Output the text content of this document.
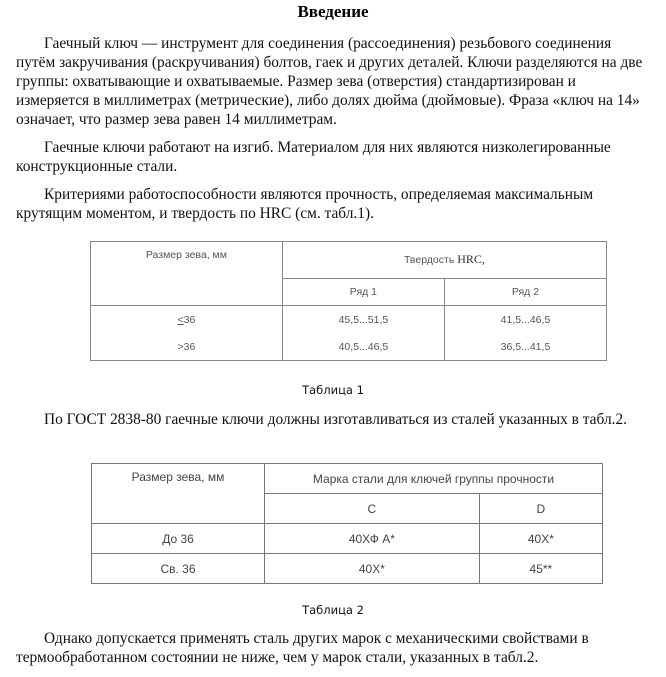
Введение

Гаечный ключ — инструмент для соединения (рассоединения) резьбового соединения путём закручивания (раскручивания) болтов, гаек и других деталей. Ключи разделяются на две группы: охватывающие и охватываемые. Размер зева (отверстия) стандартизирован и измеряется в миллиметрах (метрические), либо долях дюйма (дюймовые). Фраза «ключ на 14» означает, что размер зева равен 14 миллиметрам.

Гаечные ключи работают на изгиб. Материалом для них являются низколегированные конструкционные стали.

Критериями работоспособности являются прочность, определяемая максимальным крутящим моментом, и твердость по HRC (см. табл.1).

Размер зева, мм	Твердость HRC,	
	Ряд 1	Ряд 2
≤36	45,5...51,5	41,5...46,5
>36	40,5...46,5	36,5...41,5
Таблица 1

По ГОСТ 2838-80 гаечные ключи должны изготавливаться из сталей указанных в табл.2.

Размер зева, мм	Марка стали для ключей группы прочности	
	C	D
До 36	40ХФ А*	40Х*
Св. 36	40Х*	45**
Таблица 2

Однако допускается применять сталь других марок с механическими свойствами в термообработанном состоянии не ниже, чем у марок стали, указанных в табл.2.
